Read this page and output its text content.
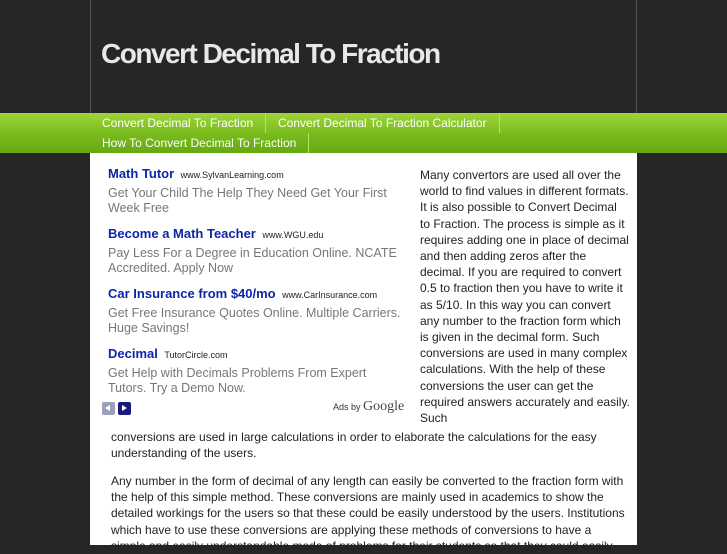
Convert Decimal To Fraction
Convert Decimal To Fraction	Convert Decimal To Fraction Calculator
How To Convert Decimal To Fraction
Math Tutor www.SylvanLearning.com
Get Your Child The Help They Need Get Your First Week Free
Become a Math Teacher www.WGU.edu
Pay Less For a Degree in Education Online. NCATE Accredited. Apply Now
Car Insurance from $40/mo www.CarInsurance.com
Get Free Insurance Quotes Online. Multiple Carriers. Huge Savings!
Decimal TutorCircle.com
Get Help with Decimals Problems From Expert Tutors. Try a Demo Now.
Ads by Google
Many convertors are used all over the world to find values in different formats. It is also possible to Convert Decimal to Fraction. The process is simple as it requires adding one in place of decimal and then adding zeros after the decimal. If you are required to convert 0.5 to fraction then you have to write it as 5/10. In this way you can convert any number to the fraction form which is given in the decimal form. Such conversions are used in many complex calculations. With the help of these conversions the user can get the required answers accurately and easily. Such
conversions are used in large calculations in order to elaborate the calculations for the easy understanding of the users.
Any number in the form of decimal of any length can easily be converted to the fraction form with the help of this simple method. These conversions are mainly used in academics to show the detailed workings for the users so that these could be easily understood by the users. Institutions which have to use these conversions are applying these methods of conversions to have a simple and easily understandable mode of problems for their students so that they could easily
